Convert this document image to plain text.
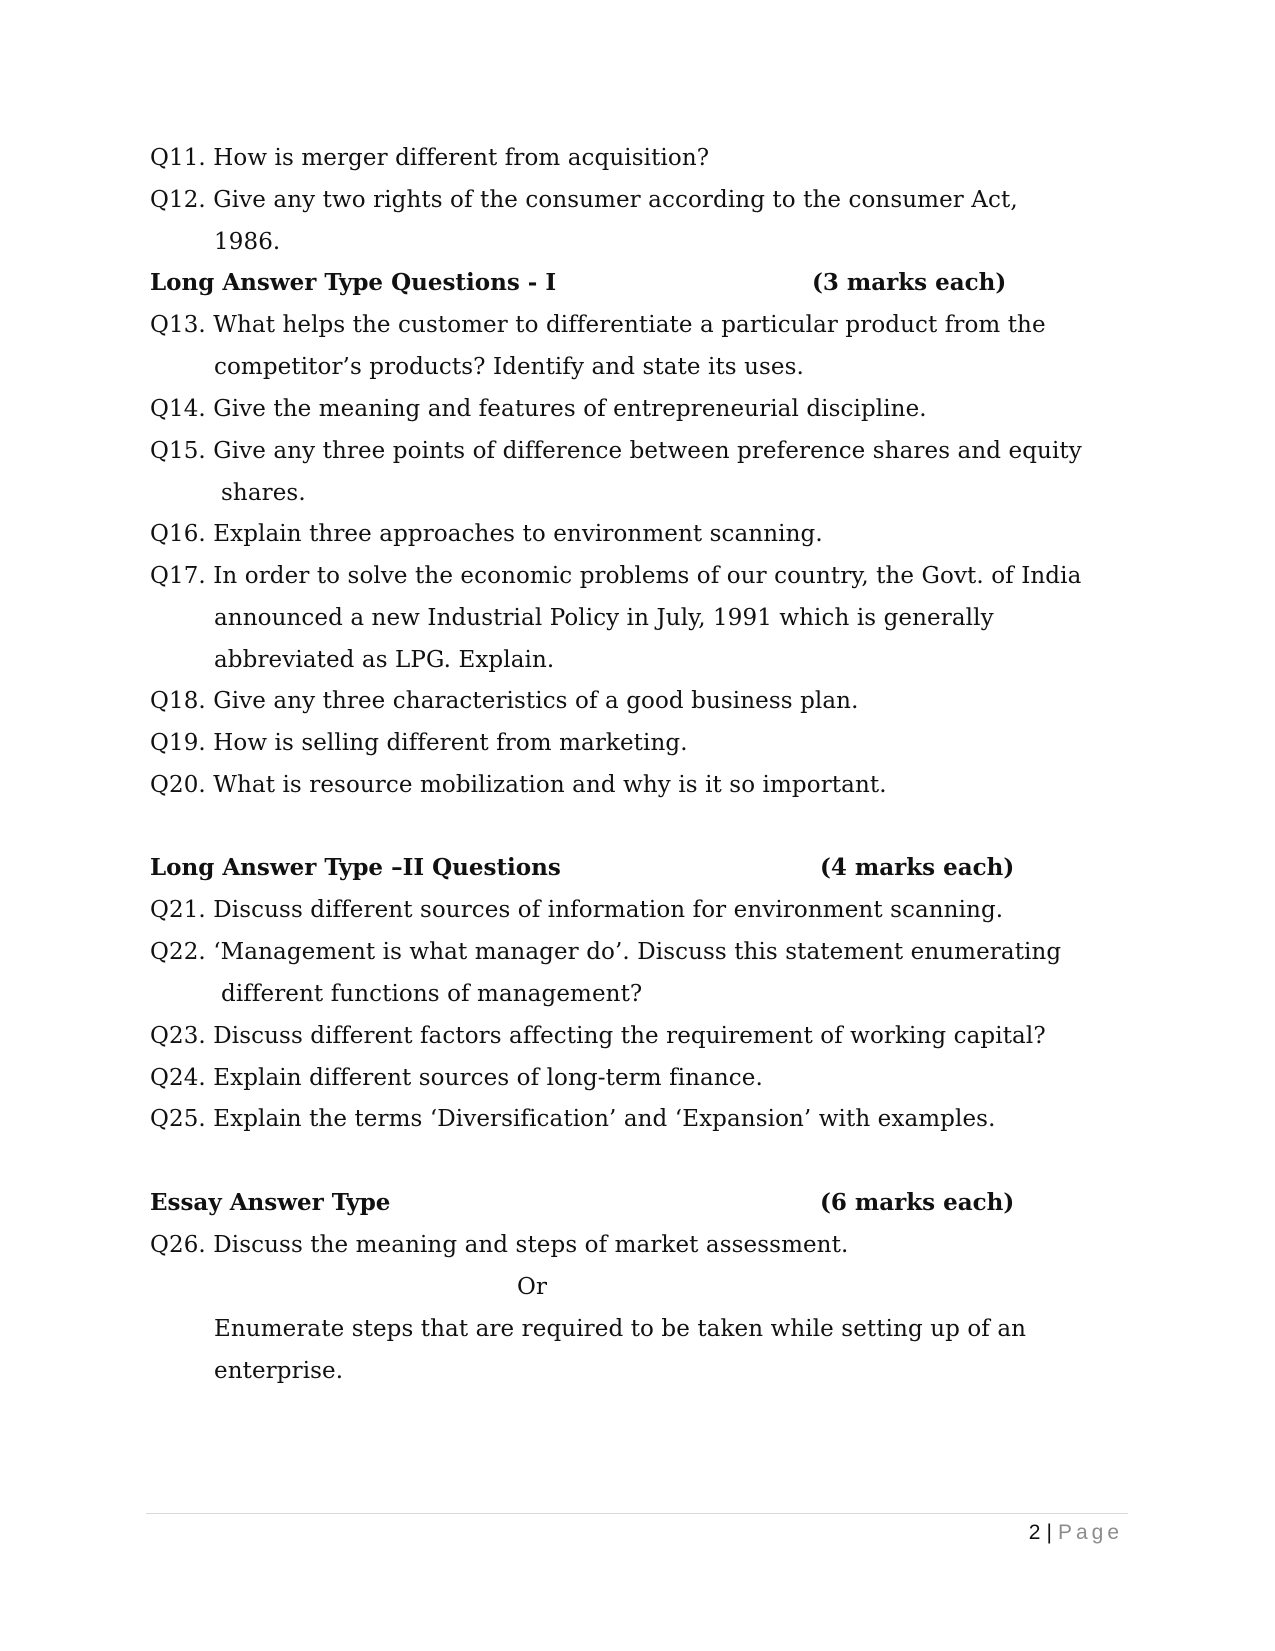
Q11. How is merger different from acquisition?
Q12. Give any two rights of the consumer according to the consumer Act,
1986.
Long Answer Type Questions - I	(3 marks each)
Q13. What helps the customer to differentiate a particular product from the
competitor’s products? Identify and state its uses.
Q14. Give the meaning and features of entrepreneurial discipline.
Q15. Give any three points of difference between preference shares and equity
shares.
Q16. Explain three approaches to environment scanning.
Q17. In order to solve the economic problems of our country, the Govt. of India
announced a new Industrial Policy in July, 1991 which is generally
abbreviated as LPG. Explain.
Q18. Give any three characteristics of a good business plan.
Q19. How is selling different from marketing.
Q20. What is resource mobilization and why is it so important.
Long Answer Type –II Questions	(4 marks each)
Q21. Discuss different sources of information for environment scanning.
Q22. ‘Management is what manager do’. Discuss this statement enumerating
different functions of management?
Q23. Discuss different factors affecting the requirement of working capital?
Q24. Explain different sources of long-term finance.
Q25. Explain the terms ‘Diversification’ and ‘Expansion’ with examples.
Essay Answer Type	(6 marks each)
Q26. Discuss the meaning and steps of market assessment.
Or
Enumerate steps that are required to be taken while setting up of an
enterprise.
2 | Page
